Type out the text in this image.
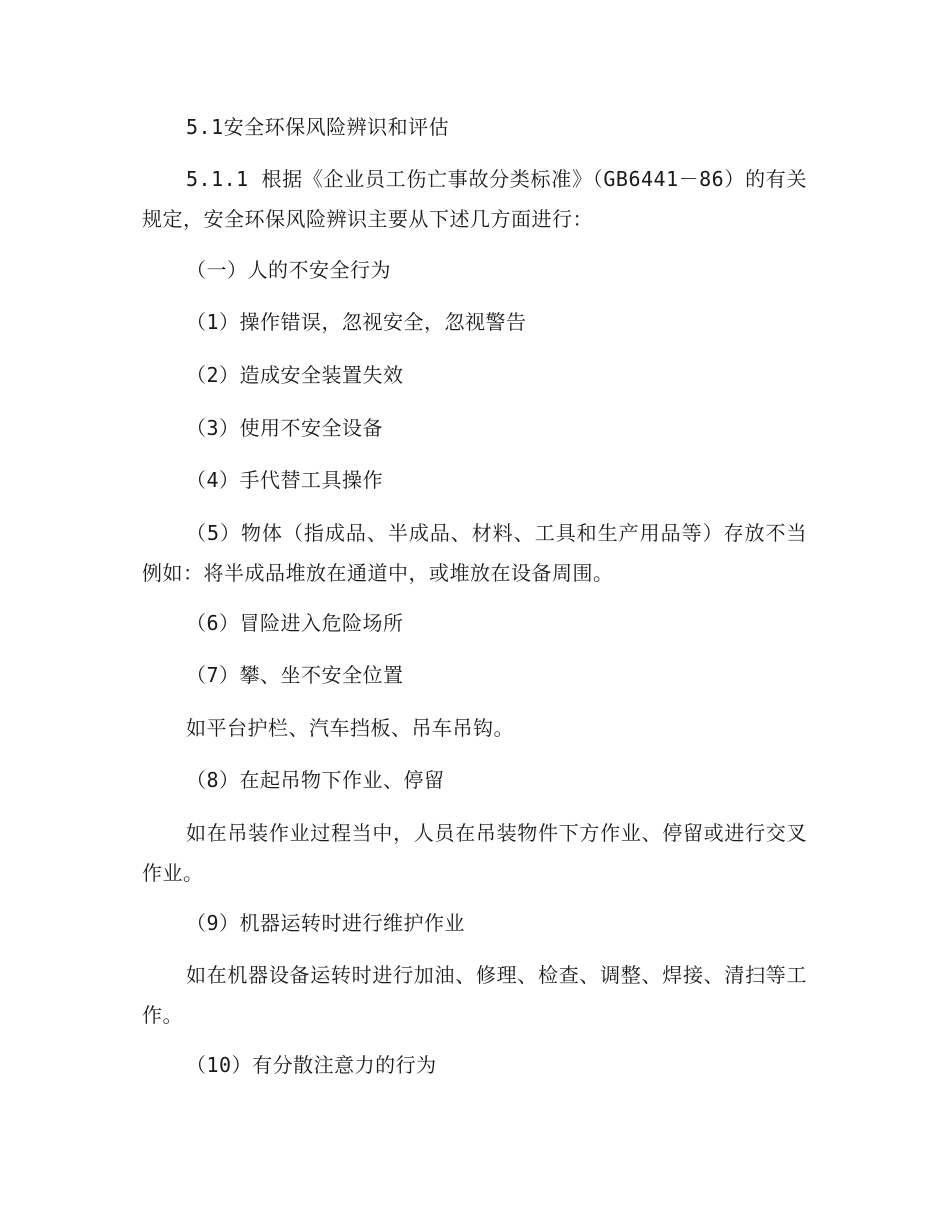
5.1安全环保风险辨识和评估

5.1.1 根据《企业员工伤亡事故分类标准》（GB6441－86）的有关规定，安全环保风险辨识主要从下述几方面进行：

（一）人的不安全行为

（1）操作错误，忽视安全，忽视警告

（2）造成安全装置失效

（3）使用不安全设备

（4）手代替工具操作

（5）物体（指成品、半成品、材料、工具和生产用品等）存放不当 例如：将半成品堆放在通道中，或堆放在设备周围。

（6）冒险进入危险场所

（7）攀、坐不安全位置

如平台护栏、汽车挡板、吊车吊钩。

（8）在起吊物下作业、停留

如在吊装作业过程当中，人员在吊装物件下方作业、停留或进行交叉作业。

（9）机器运转时进行维护作业

如在机器设备运转时进行加油、修理、检查、调整、焊接、清扫等工作。

（10）有分散注意力的行为
